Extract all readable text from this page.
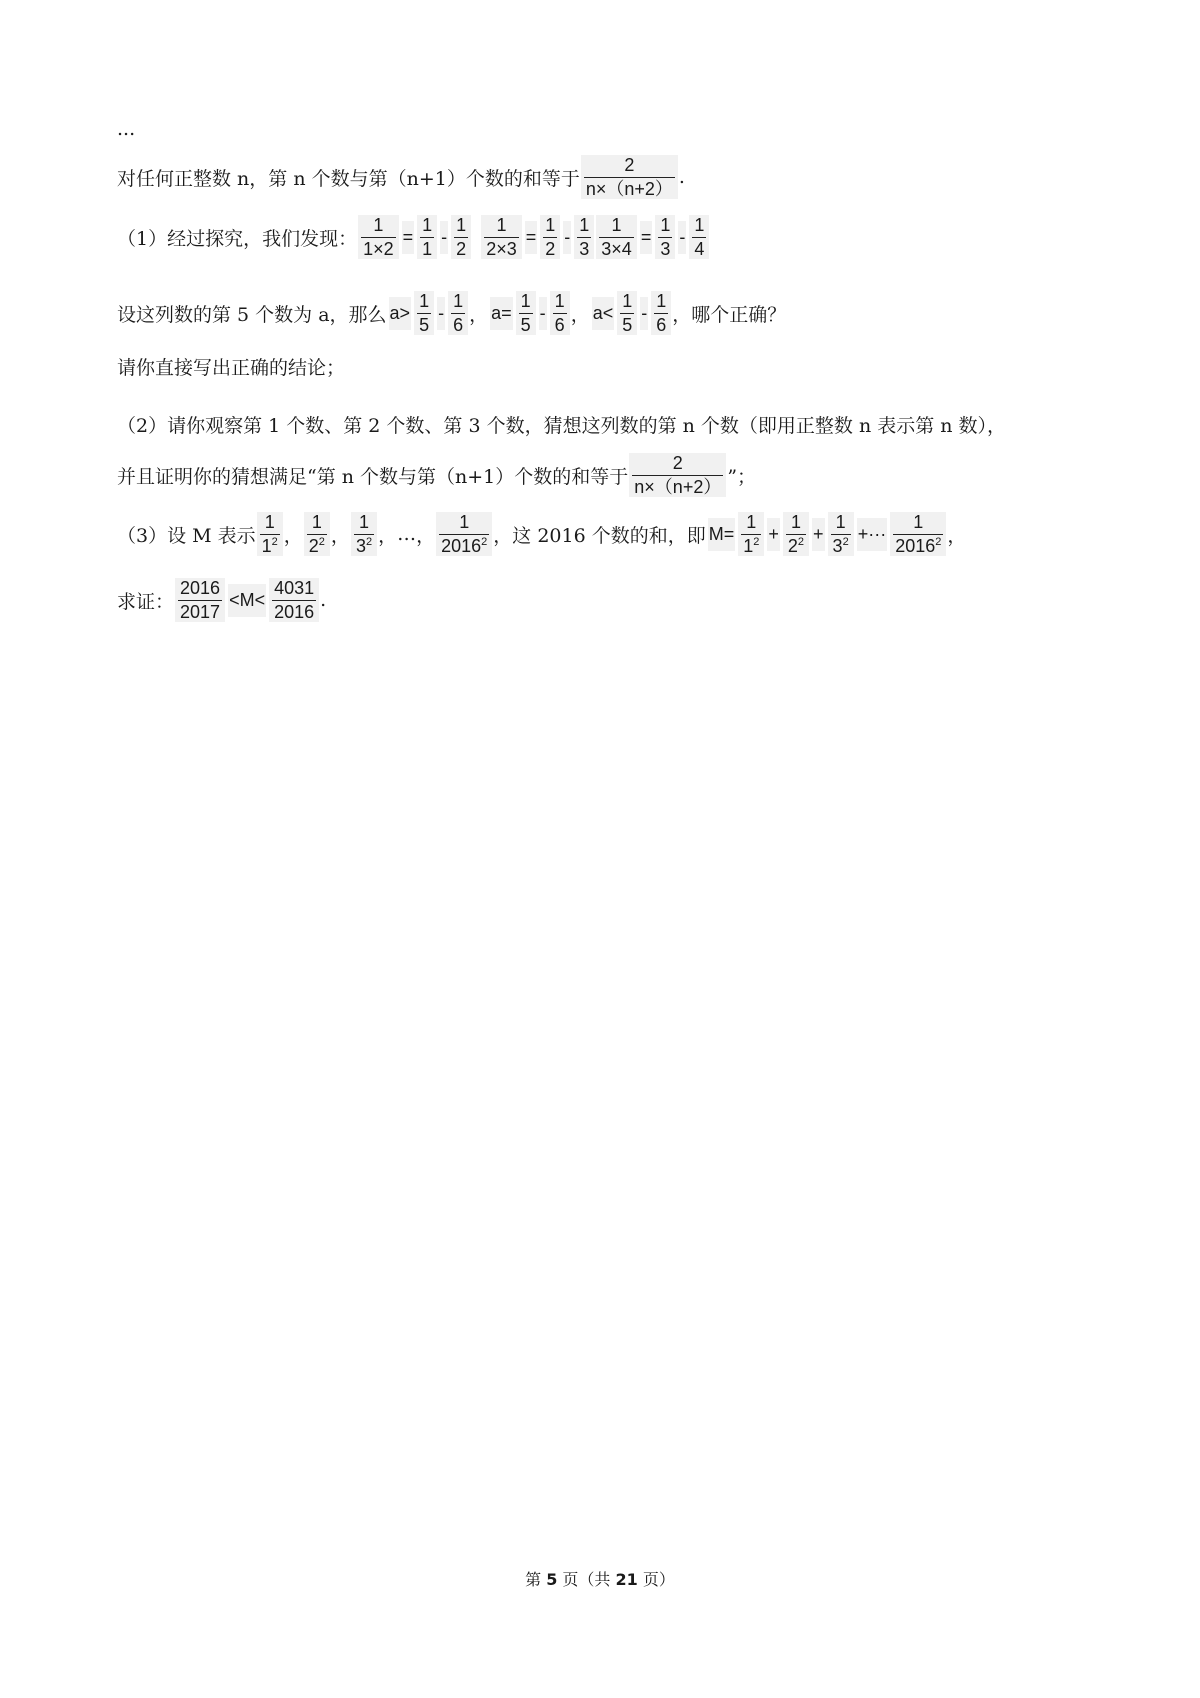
...
对任何正整数 n，第 n 个数与第（n+1）个数的和等于 $\frac{2}{n\times(n+2)}$ .
（1）经过探究，我们发现： $\frac{1}{1\times 2} = \frac{1}{1} - \frac{1}{2} \frac{1}{2\times 3} = \frac{1}{2} - \frac{1}{3} \frac{1}{3\times 4} = \frac{1}{3} - \frac{1}{4}$
设这列数的第 5 个数为 a，那么 $a> \frac{1}{5} - \frac{1}{6}$ ， $a= \frac{1}{5} - \frac{1}{6}$ ， $a< \frac{1}{5} - \frac{1}{6}$ ，哪个正确？
请你直接写出正确的结论；
（2）请你观察第 1 个数、第 2 个数、第 3 个数，猜想这列数的第 n 个数（即用正整数 n 表示第 n 数），
并且证明你的猜想满足“第 n 个数与第（n+1）个数的和等于 $\frac{2}{n\times(n+2)}$ ”；
（3）设 M 表示 $\frac{1}{1^2}$ ， $\frac{1}{2^2}$ ， $\frac{1}{3^2}$ ， … ， $\frac{1}{2016^2}$ ，这 2016 个数的和，即 $M= \frac{1}{1^2} + \frac{1}{2^2} + \frac{1}{3^2}$ +··· $\frac{1}{2016^2}$ ，
求证： $\frac{2016}{2017} <M< \frac{4031}{2016}$ .
第 5 页（共 21 页）
